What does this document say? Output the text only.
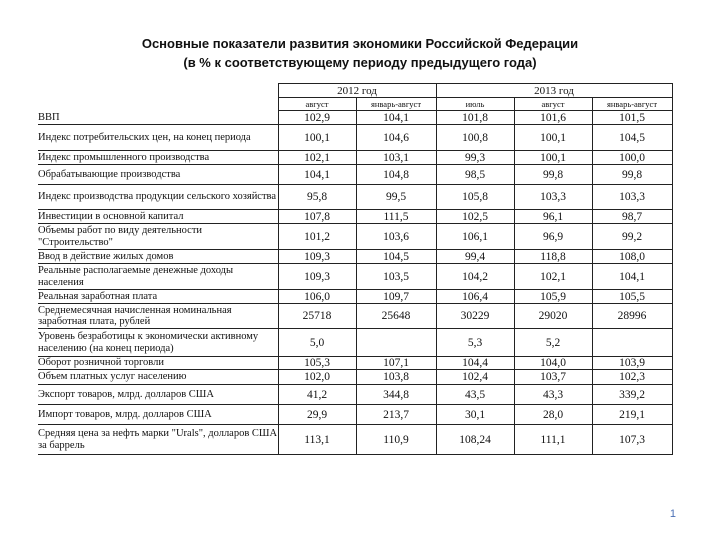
Основные показатели развития экономики Российской Федерации
(в % к соответствующему периоду предыдущего года)
	2012 год		2013 год		
	август	январь-август	июль	август	январь-август
ВВП	102,9	104,1	101,8	101,6	101,5
Индекс потребительских цен, на конец периода	100,1	104,6	100,8	100,1	104,5
Индекс промышленного производства	102,1	103,1	99,3	100,1	100,0
Обрабатывающие производства	104,1	104,8	98,5	99,8	99,8
Индекс производства продукции сельского хозяйства	95,8	99,5	105,8	103,3	103,3
Инвестиции в основной капитал	107,8	111,5	102,5	96,1	98,7
Объемы работ по виду деятельности "Строительство"	101,2	103,6	106,1	96,9	99,2
Ввод в действие жилых домов	109,3	104,5	99,4	118,8	108,0
Реальные располагаемые денежные доходы населения	109,3	103,5	104,2	102,1	104,1
Реальная заработная плата	106,0	109,7	106,4	105,9	105,5
Среднемесячная начисленная номинальная заработная плата, рублей	25718	25648	30229	29020	28996
Уровень безработицы к экономически активному населению (на конец периода)	5,0		5,3	5,2	
Оборот розничной торговли	105,3	107,1	104,4	104,0	103,9
Объем платных услуг населению	102,0	103,8	102,4	103,7	102,3
Экспорт товаров, млрд. долларов США	41,2	344,8	43,5	43,3	339,2
Импорт товаров, млрд. долларов США	29,9	213,7	30,1	28,0	219,1
Средняя цена за нефть марки "Urals", долларов США за баррель	113,1	110,9	108,24	111,1	107,3
1
